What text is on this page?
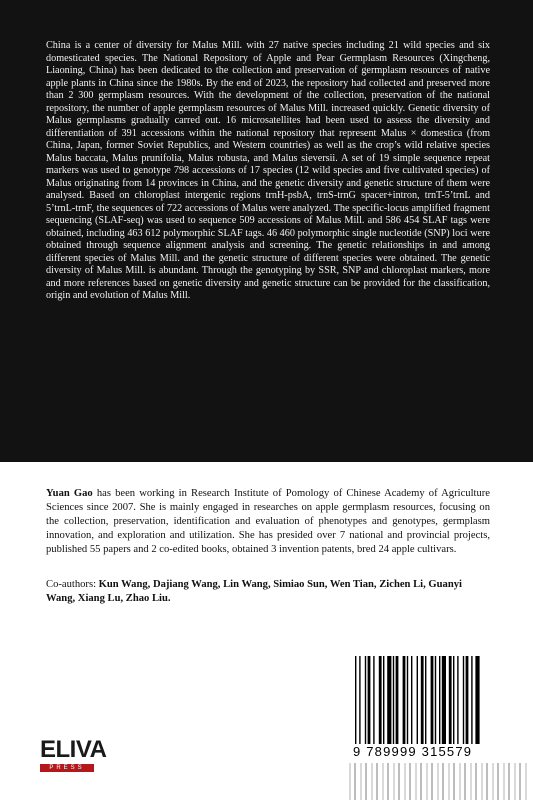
China is a center of diversity for Malus Mill. with 27 native species including 21 wild species and six domesticated species. The National Repository of Apple and Pear Germplasm Resources (Xingcheng, Liaoning, China) has been dedicated to the collection and preservation of germplasm resources of native apple plants in China since the 1980s. By the end of 2023, the repository had collected and preserved more than 2 300 germplasm resources. With the development of the collection, preservation of the national repository, the number of apple germplasm resources of Malus Mill. increased quickly. Genetic diversity of Malus germplasms gradually carred out. 16 microsatellites had been used to assess the diversity and differentiation of 391 accessions within the national repository that represent Malus × domestica (from China, Japan, former Soviet Republics, and Western countries) as well as the crop’s wild relative species Malus baccata, Malus prunifolia, Malus robusta, and Malus sieversii. A set of 19 simple sequence repeat markers was used to genotype 798 accessions of 17 species (12 wild species and five cultivated species) of Malus originating from 14 provinces in China, and the genetic diversity and genetic structure of them were analysed. Based on chloroplast intergenic regions trnH-psbA, trnS-trnG spacer+intron, trnT-5’trnL and 5’trnL-trnF, the sequences of 722 accessions of Malus were analyzed. The specific-locus amplified fragment sequencing (SLAF-seq) was used to sequence 509 accessions of Malus Mill. and 586 454 SLAF tags were obtained, including 463 612 polymorphic SLAF tags. 46 460 polymorphic single nucleotide (SNP) loci were obtained through sequence alignment analysis and screening. The genetic relationships in and among different species of Malus Mill. and the genetic structure of different species were obtained. The genetic diversity of Malus Mill. is abundant. Through the genotyping by SSR, SNP and chloroplast markers, more and more references based on genetic diversity and genetic structure can be provided for the classification, origin and evolution of Malus Mill.

Yuan Gao has been working in Research Institute of Pomology of Chinese Academy of Agriculture Sciences since 2007. She is mainly engaged in researches on apple germplasm resources, focusing on the collection, preservation, identification and evaluation of phenotypes and genotypes, germplasm innovation, and exploration and utilization. She has presided over 7 national and provincial projects, published 55 papers and 2 co-edited books, obtained 3 invention patents, bred 24 apple cultivars.

Co-authors: Kun Wang, Dajiang Wang, Lin Wang, Simiao Sun, Wen Tian, Zichen Li, Guanyi Wang, Xiang Lu, Zhao Liu.

9 789999 315579
ELIVA
PRESS
